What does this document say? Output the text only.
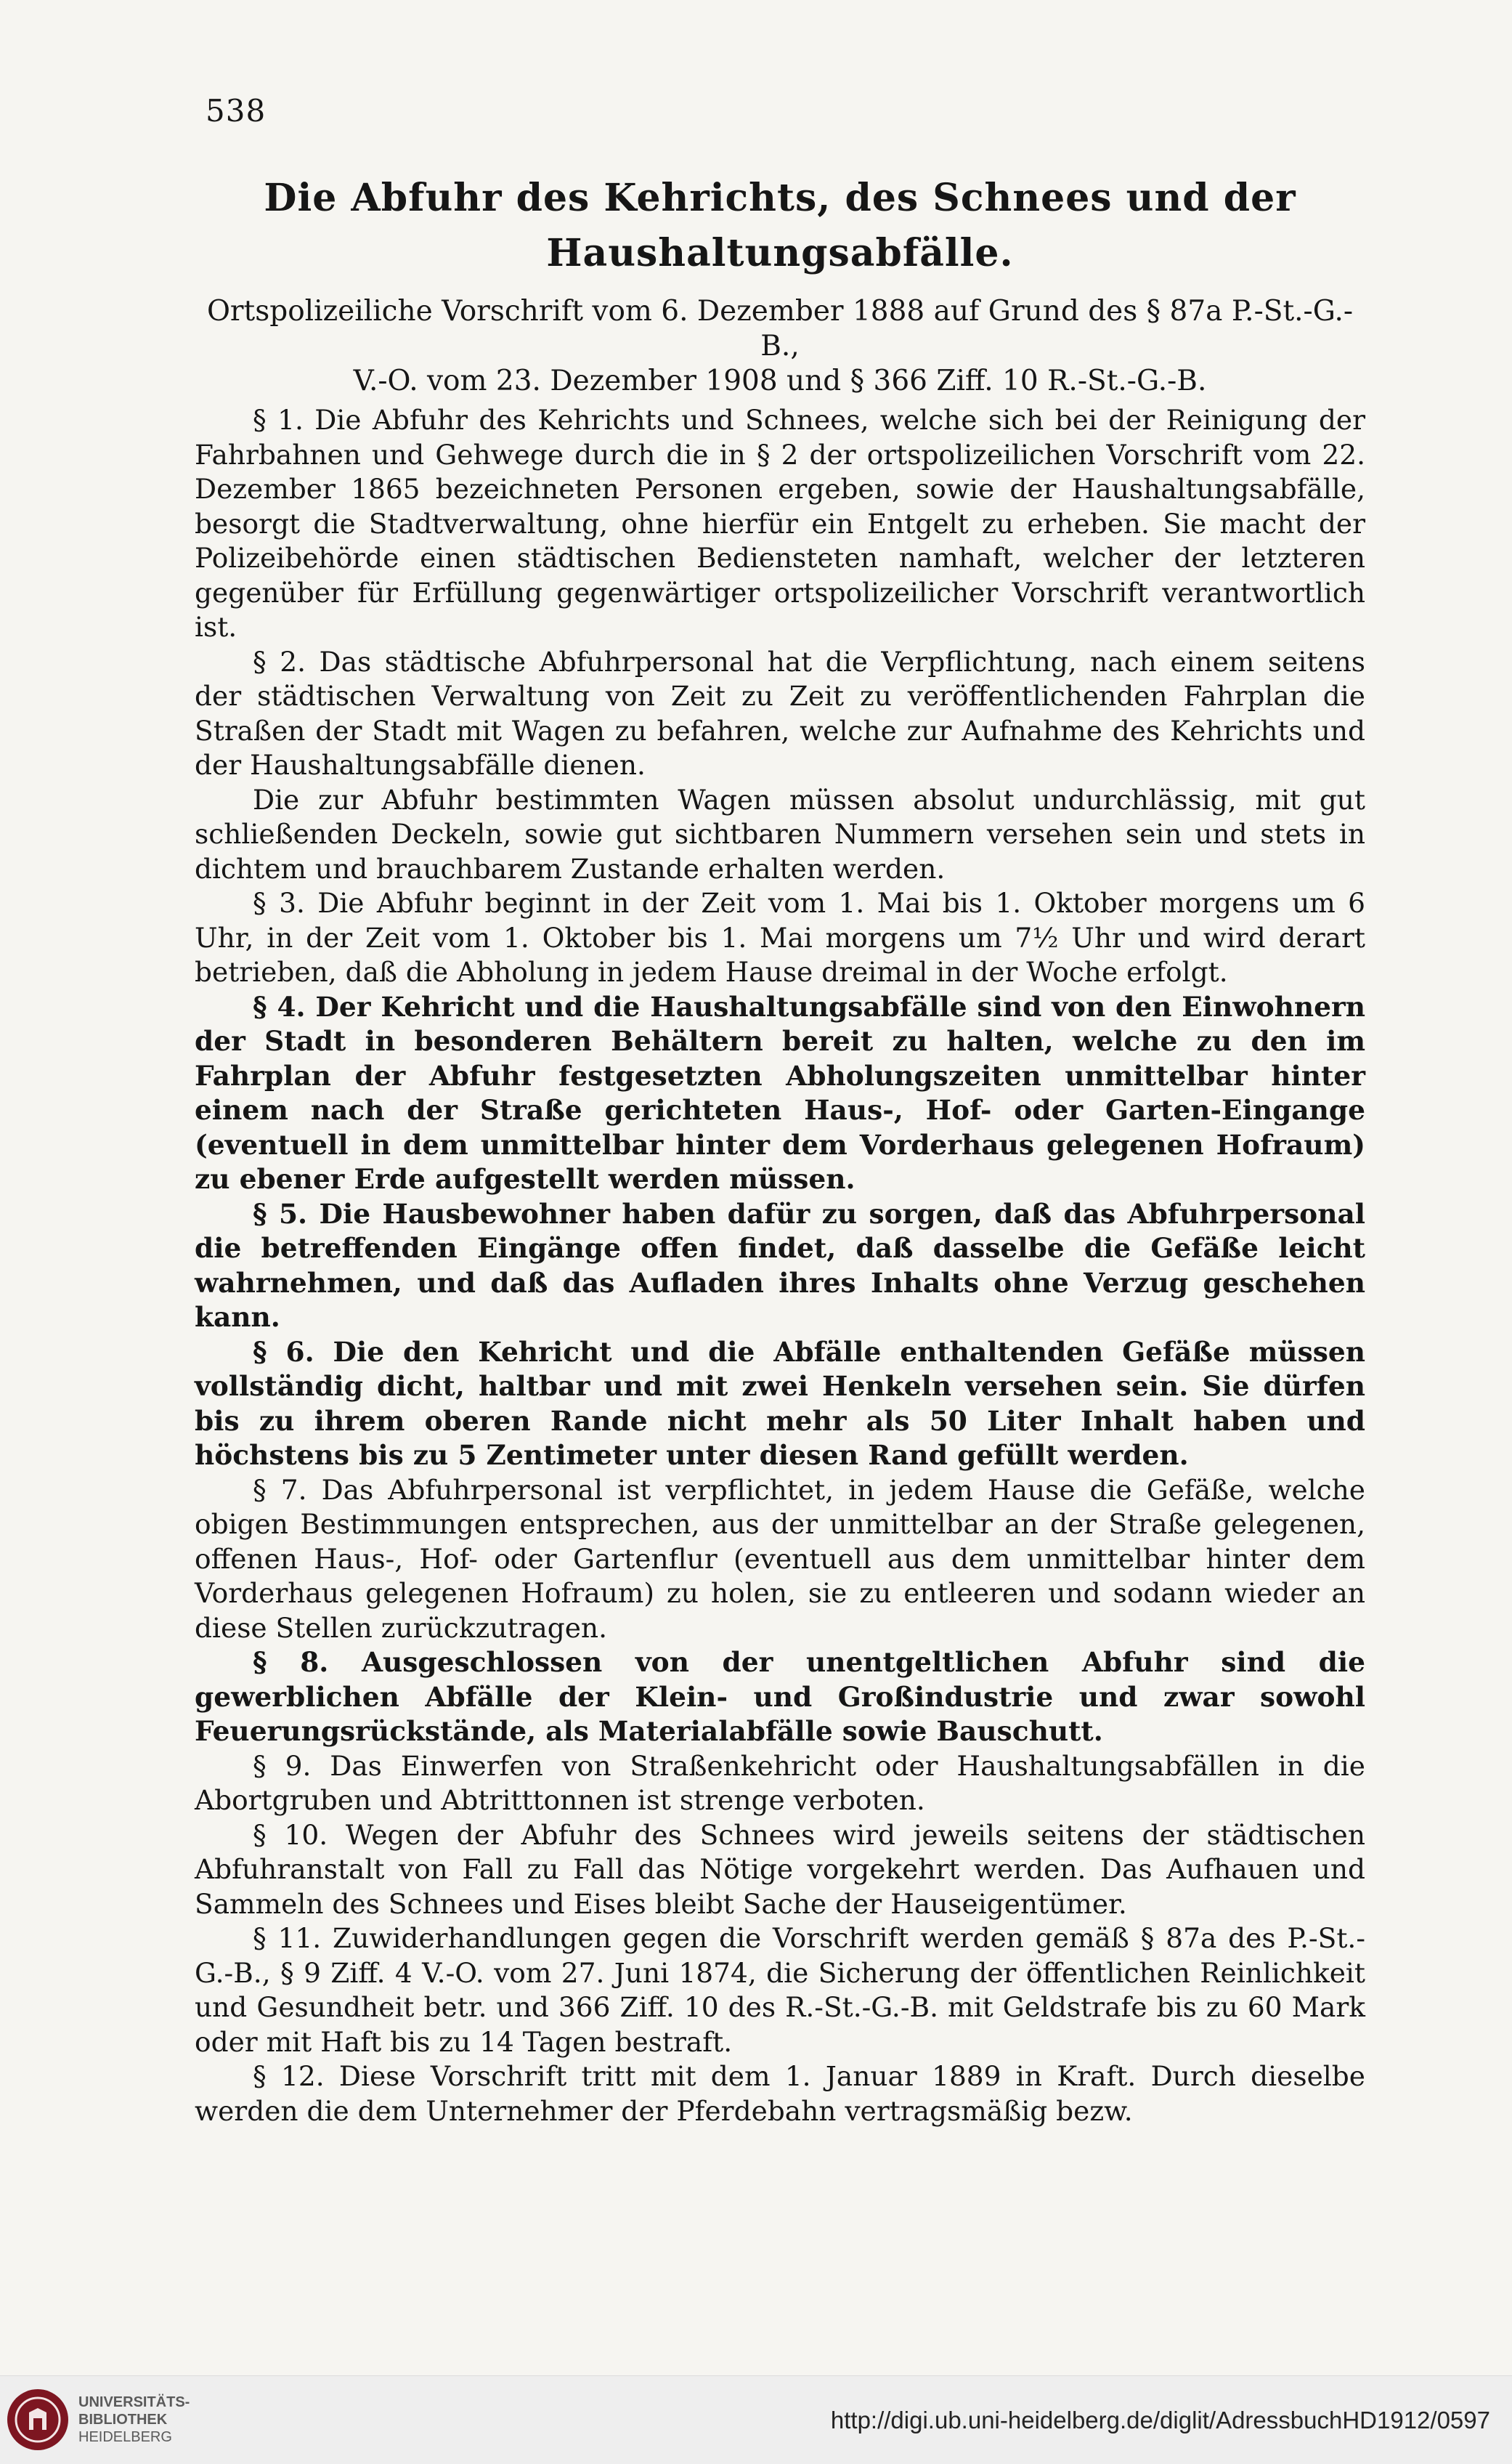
538
Die Abfuhr des Kehrichts, des Schnees und der
Haushaltungsabfälle.
Ortspolizeiliche Vorschrift vom 6. Dezember 1888 auf Grund des § 87a P.-St.-G.-B.,
V.-O. vom 23. Dezember 1908 und § 366 Ziff. 10 R.-St.-G.-B.

§ 1. Die Abfuhr des Kehrichts und Schnees, welche sich bei der Reinigung der Fahrbahnen und Gehwege durch die in § 2 der ortspolizeilichen Vorschrift vom 22. Dezember 1865 bezeichneten Personen ergeben, sowie der Haushaltungsabfälle, besorgt die Stadtverwaltung, ohne hierfür ein Entgelt zu erheben. Sie macht der Polizeibehörde einen städtischen Bediensteten namhaft, welcher der letzteren gegenüber für Erfüllung gegenwärtiger ortspolizeilicher Vorschrift verantwortlich ist.

§ 2. Das städtische Abfuhrpersonal hat die Verpflichtung, nach einem seitens der städtischen Verwaltung von Zeit zu Zeit zu veröffentlichenden Fahrplan die Straßen der Stadt mit Wagen zu befahren, welche zur Aufnahme des Kehrichts und der Haushaltungsabfälle dienen.

Die zur Abfuhr bestimmten Wagen müssen absolut undurchlässig, mit gut schließenden Deckeln, sowie gut sichtbaren Nummern versehen sein und stets in dichtem und brauchbarem Zustande erhalten werden.

§ 3. Die Abfuhr beginnt in der Zeit vom 1. Mai bis 1. Oktober morgens um 6 Uhr, in der Zeit vom 1. Oktober bis 1. Mai morgens um 7½ Uhr und wird derart betrieben, daß die Abholung in jedem Hause dreimal in der Woche erfolgt.

§ 4. Der Kehricht und die Haushaltungsabfälle sind von den Einwohnern der Stadt in besonderen Behältern bereit zu halten, welche zu den im Fahrplan der Abfuhr festgesetzten Abholungszeiten unmittelbar hinter einem nach der Straße gerichteten Haus-, Hof- oder Garten-Eingange (eventuell in dem unmittelbar hinter dem Vorderhaus gelegenen Hofraum) zu ebener Erde aufgestellt werden müssen.

§ 5. Die Hausbewohner haben dafür zu sorgen, daß das Abfuhrpersonal die betreffenden Eingänge offen findet, daß dasselbe die Gefäße leicht wahrnehmen, und daß das Aufladen ihres Inhalts ohne Verzug geschehen kann.

§ 6. Die den Kehricht und die Abfälle enthaltenden Gefäße müssen vollständig dicht, haltbar und mit zwei Henkeln versehen sein. Sie dürfen bis zu ihrem oberen Rande nicht mehr als 50 Liter Inhalt haben und höchstens bis zu 5 Zentimeter unter diesen Rand gefüllt werden.

§ 7. Das Abfuhrpersonal ist verpflichtet, in jedem Hause die Gefäße, welche obigen Bestimmungen entsprechen, aus der unmittelbar an der Straße gelegenen, offenen Haus-, Hof- oder Gartenflur (eventuell aus dem unmittelbar hinter dem Vorderhaus gelegenen Hofraum) zu holen, sie zu entleeren und sodann wieder an diese Stellen zurückzutragen.

§ 8. Ausgeschlossen von der unentgeltlichen Abfuhr sind die gewerblichen Abfälle der Klein- und Großindustrie und zwar sowohl Feuerungsrückstände, als Materialabfälle sowie Bauschutt.

§ 9. Das Einwerfen von Straßenkehricht oder Haushaltungsabfällen in die Abortgruben und Abtritttonnen ist strenge verboten.

§ 10. Wegen der Abfuhr des Schnees wird jeweils seitens der städtischen Abfuhranstalt von Fall zu Fall das Nötige vorgekehrt werden. Das Aufhauen und Sammeln des Schnees und Eises bleibt Sache der Hauseigentümer.

§ 11. Zuwiderhandlungen gegen die Vorschrift werden gemäß § 87a des P.-St.-G.-B., § 9 Ziff. 4 V.-O. vom 27. Juni 1874, die Sicherung der öffentlichen Reinlichkeit und Gesundheit betr. und 366 Ziff. 10 des R.-St.-G.-B. mit Geldstrafe bis zu 60 Mark oder mit Haft bis zu 14 Tagen bestraft.

§ 12. Diese Vorschrift tritt mit dem 1. Januar 1889 in Kraft. Durch dieselbe werden die dem Unternehmer der Pferdebahn vertragsmäßig bezw.

UNIVERSITÄTS-
BIBLIOTHEK
HEIDELBERG
http://digi.ub.uni-heidelberg.de/diglit/AdressbuchHD1912/0597
